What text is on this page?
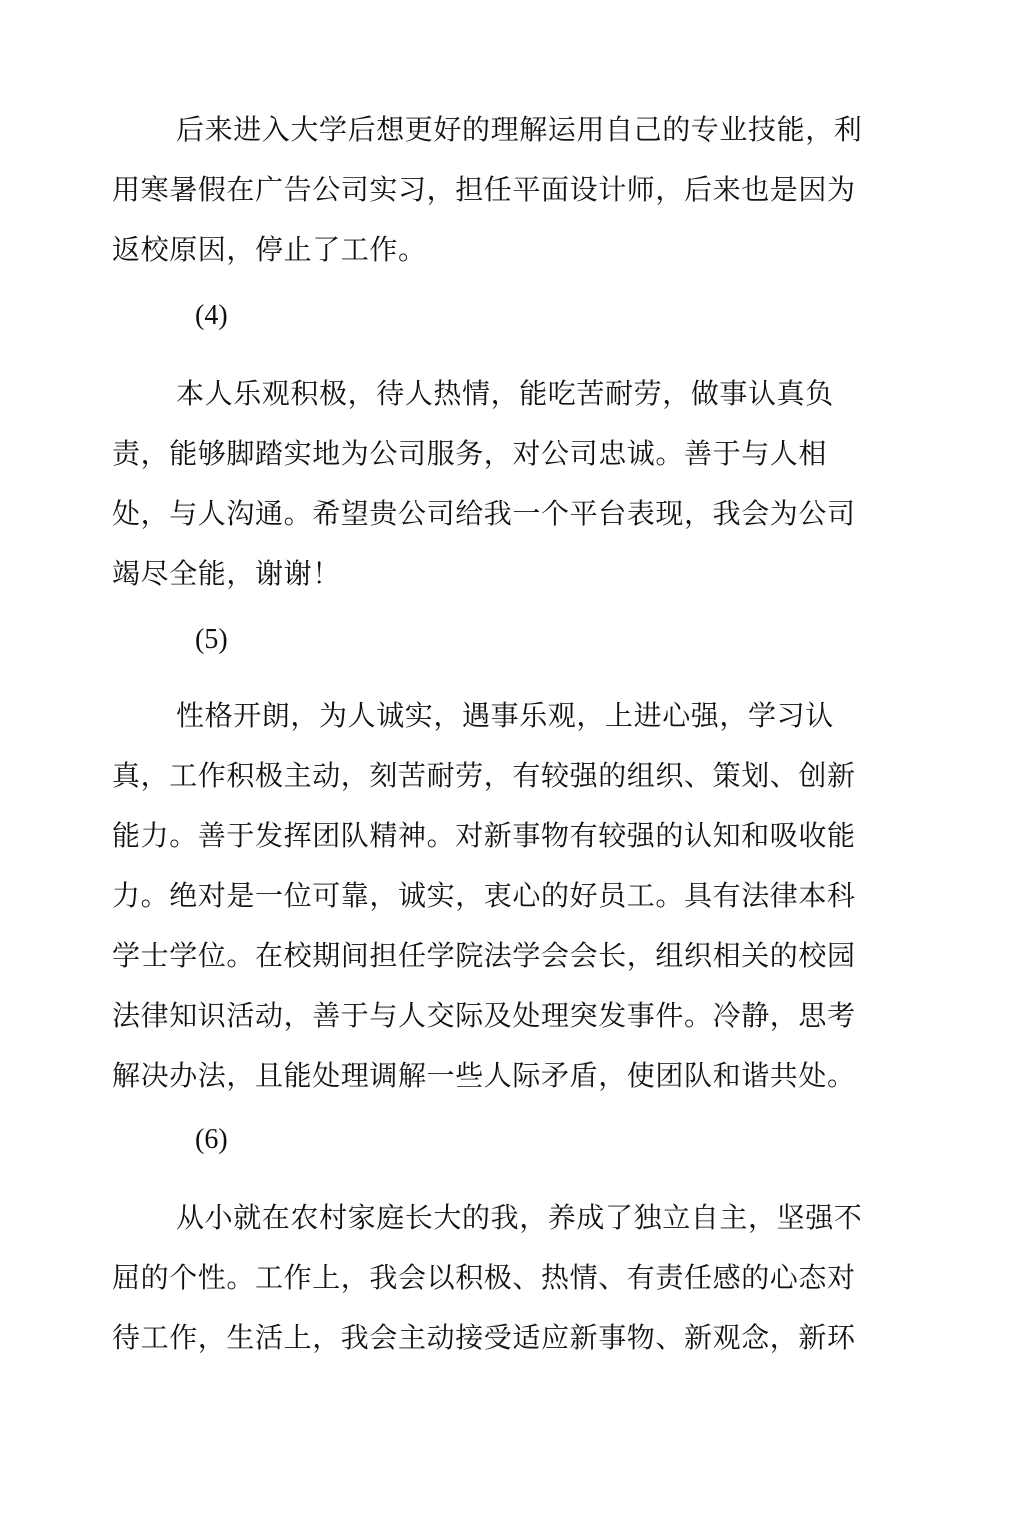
后来进入大学后想更好的理解运用自己的专业技能，利用寒暑假在广告公司实习，担任平面设计师，后来也是因为返校原因，停止了工作。

(4)

本人乐观积极，待人热情，能吃苦耐劳，做事认真负责，能够脚踏实地为公司服务，对公司忠诚。善于与人相处，与人沟通。希望贵公司给我一个平台表现，我会为公司竭尽全能，谢谢！

(5)

性格开朗，为人诚实，遇事乐观，上进心强，学习认真，工作积极主动，刻苦耐劳，有较强的组织、策划、创新能力。善于发挥团队精神。对新事物有较强的认知和吸收能力。绝对是一位可靠，诚实，衷心的好员工。具有法律本科学士学位。在校期间担任学院法学会会长，组织相关的校园法律知识活动，善于与人交际及处理突发事件。冷静，思考解决办法，且能处理调解一些人际矛盾，使团队和谐共处。

(6)

从小就在农村家庭长大的我，养成了独立自主，坚强不屈的个性。工作上，我会以积极、热情、有责任感的心态对待工作，生活上，我会主动接受适应新事物、新观念，新环
